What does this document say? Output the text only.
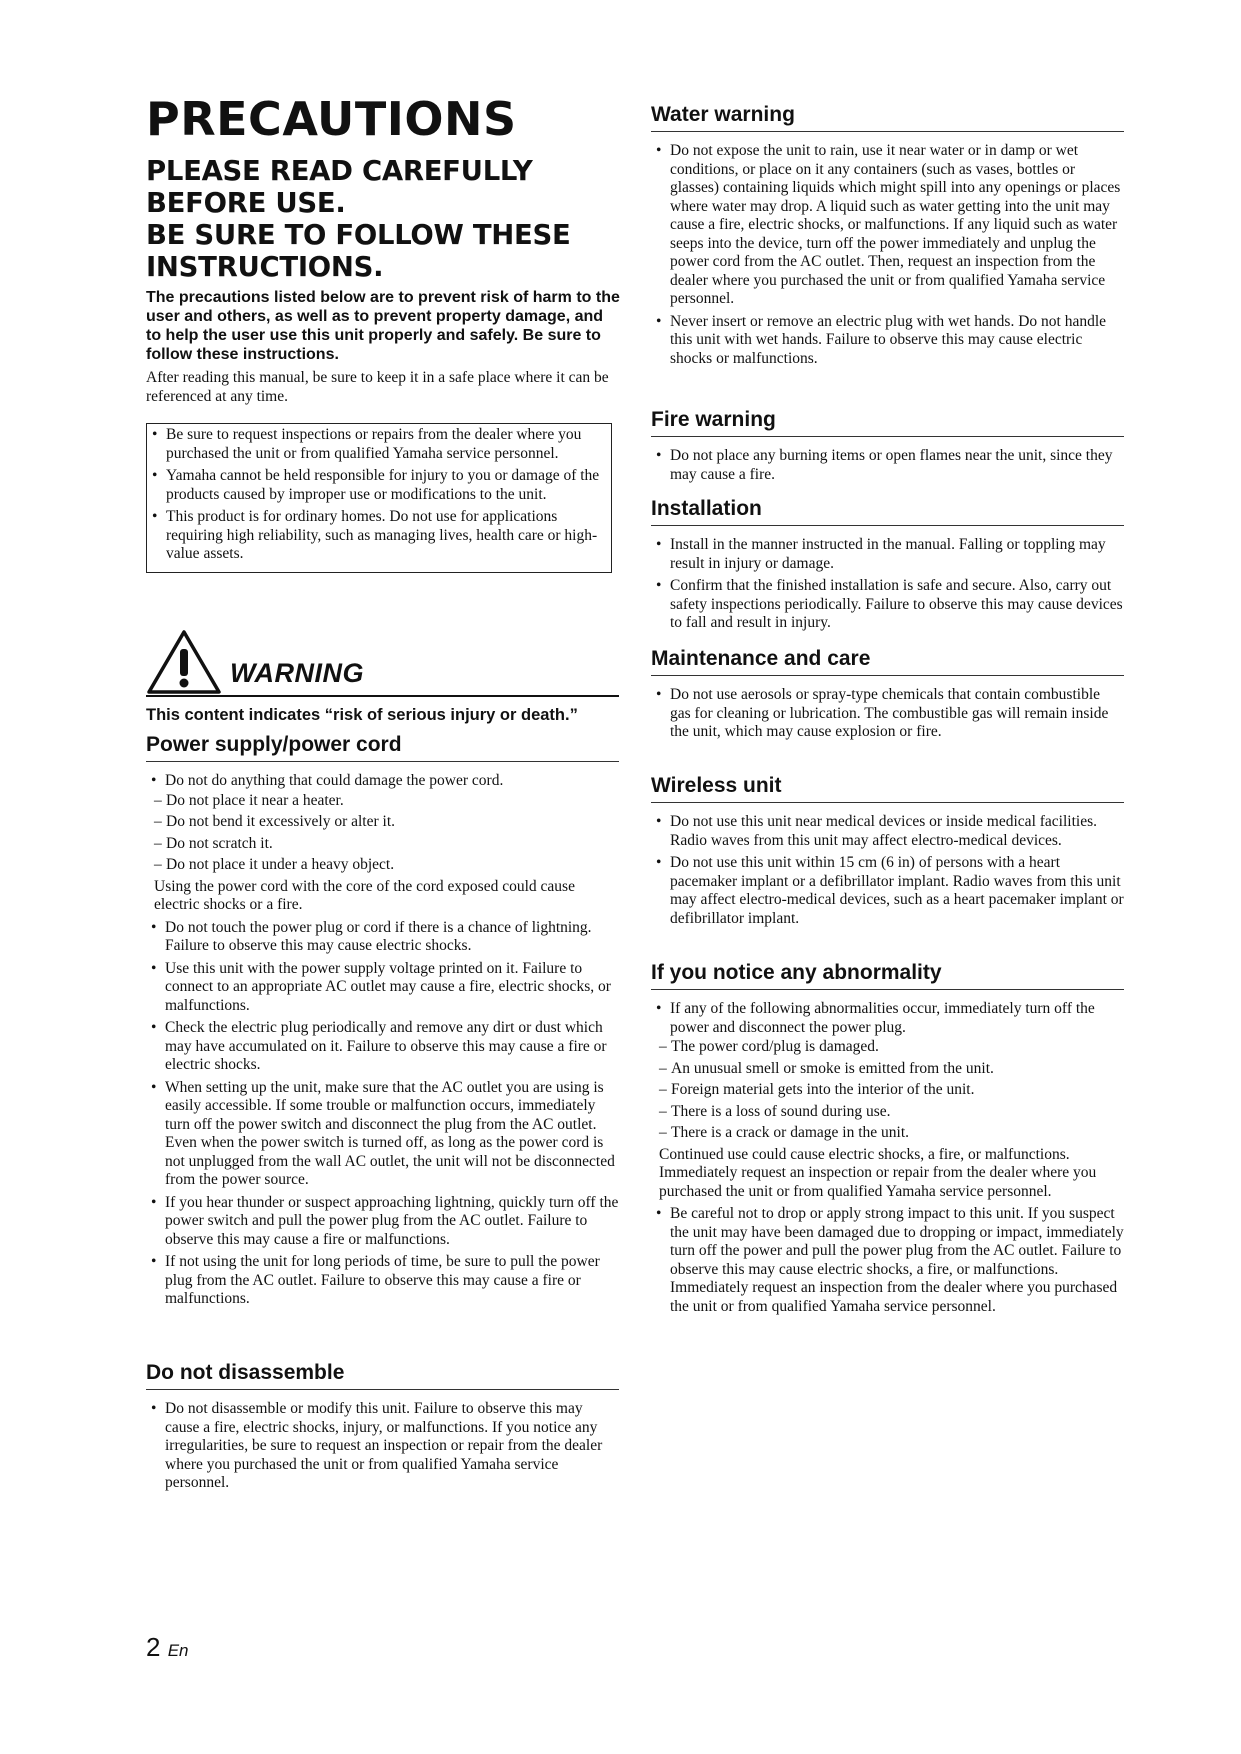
PRECAUTIONS
PLEASE READ CAREFULLY
BEFORE USE.
BE SURE TO FOLLOW THESE
INSTRUCTIONS.

The precautions listed below are to prevent risk of harm to the user and others, as well as to prevent property damage, and to help the user use this unit properly and safely. Be sure to follow these instructions.

After reading this manual, be sure to keep it in a safe place where it can be referenced at any time.

• Be sure to request inspections or repairs from the dealer where you purchased the unit or from qualified Yamaha service personnel.

• Yamaha cannot be held responsible for injury to you or damage of the products caused by improper use or modifications to the unit.

• This product is for ordinary homes. Do not use for applications requiring high reliability, such as managing lives, health care or high-value assets.

WARNING

This content indicates “risk of serious injury or death.”

Power supply/power cord

• Do not do anything that could damage the power cord.

– Do not place it near a heater.

– Do not bend it excessively or alter it.

– Do not scratch it.

– Do not place it under a heavy object.

Using the power cord with the core of the cord exposed could cause electric shocks or a fire.

• Do not touch the power plug or cord if there is a chance of lightning. Failure to observe this may cause electric shocks.

• Use this unit with the power supply voltage printed on it. Failure to connect to an appropriate AC outlet may cause a fire, electric shocks, or malfunctions.

• Check the electric plug periodically and remove any dirt or dust which may have accumulated on it. Failure to observe this may cause a fire or electric shocks.

• When setting up the unit, make sure that the AC outlet you are using is easily accessible. If some trouble or malfunction occurs, immediately turn off the power switch and disconnect the plug from the AC outlet. Even when the power switch is turned off, as long as the power cord is not unplugged from the wall AC outlet, the unit will not be disconnected from the power source.

• If you hear thunder or suspect approaching lightning, quickly turn off the power switch and pull the power plug from the AC outlet. Failure to observe this may cause a fire or malfunctions.

• If not using the unit for long periods of time, be sure to pull the power plug from the AC outlet. Failure to observe this may cause a fire or malfunctions.

Do not disassemble

• Do not disassemble or modify this unit. Failure to observe this may cause a fire, electric shocks, injury, or malfunctions. If you notice any irregularities, be sure to request an inspection or repair from the dealer where you purchased the unit or from qualified Yamaha service personnel.

Water warning

• Do not expose the unit to rain, use it near water or in damp or wet conditions, or place on it any containers (such as vases, bottles or glasses) containing liquids which might spill into any openings or places where water may drop. A liquid such as water getting into the unit may cause a fire, electric shocks, or malfunctions. If any liquid such as water seeps into the device, turn off the power immediately and unplug the power cord from the AC outlet. Then, request an inspection from the dealer where you purchased the unit or from qualified Yamaha service personnel.

• Never insert or remove an electric plug with wet hands. Do not handle this unit with wet hands. Failure to observe this may cause electric shocks or malfunctions.

Fire warning

• Do not place any burning items or open flames near the unit, since they may cause a fire.

Installation

• Install in the manner instructed in the manual. Falling or toppling may result in injury or damage.

• Confirm that the finished installation is safe and secure. Also, carry out safety inspections periodically. Failure to observe this may cause devices to fall and result in injury.

Maintenance and care

• Do not use aerosols or spray-type chemicals that contain combustible gas for cleaning or lubrication. The combustible gas will remain inside the unit, which may cause explosion or fire.

Wireless unit

• Do not use this unit near medical devices or inside medical facilities. Radio waves from this unit may affect electro-medical devices.

• Do not use this unit within 15 cm (6 in) of persons with a heart pacemaker implant or a defibrillator implant. Radio waves from this unit may affect electro-medical devices, such as a heart pacemaker implant or defibrillator implant.

If you notice any abnormality

• If any of the following abnormalities occur, immediately turn off the power and disconnect the power plug.

– The power cord/plug is damaged.

– An unusual smell or smoke is emitted from the unit.

– Foreign material gets into the interior of the unit.

– There is a loss of sound during use.

– There is a crack or damage in the unit.

Continued use could cause electric shocks, a fire, or malfunctions. Immediately request an inspection or repair from the dealer where you purchased the unit or from qualified Yamaha service personnel.

• Be careful not to drop or apply strong impact to this unit. If you suspect the unit may have been damaged due to dropping or impact, immediately turn off the power and pull the power plug from the AC outlet. Failure to observe this may cause electric shocks, a fire, or malfunctions. Immediately request an inspection from the dealer where you purchased the unit or from qualified Yamaha service personnel.

2 En
